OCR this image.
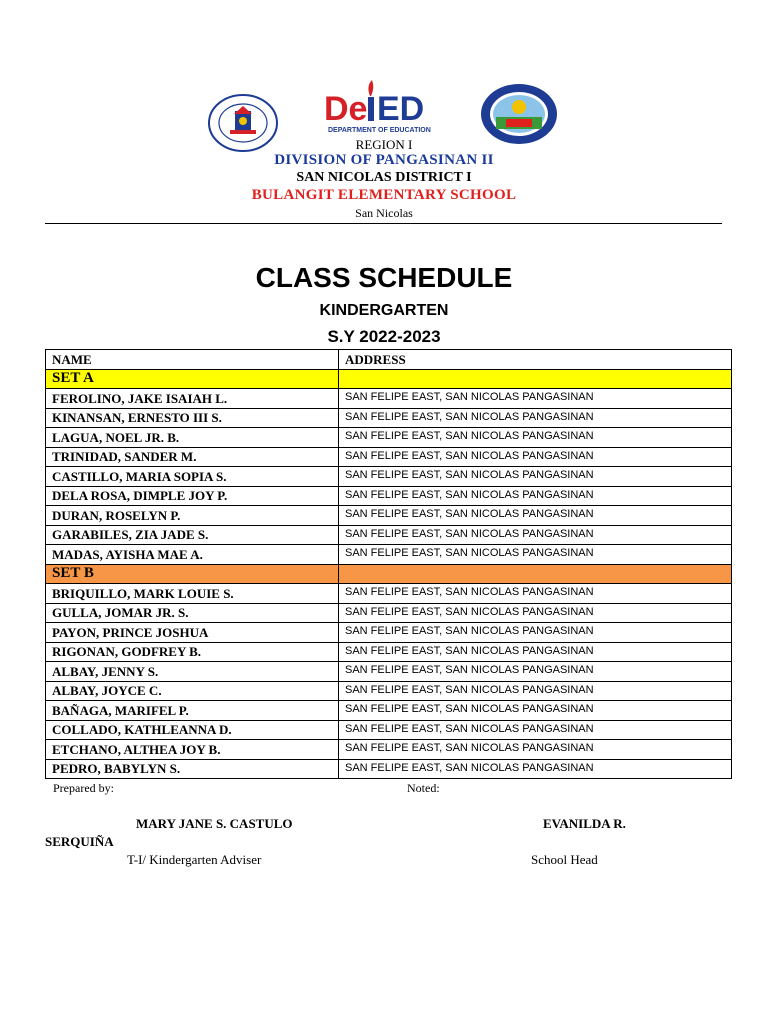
De ED
DEPARTMENT OF EDUCATION
REGION I
DIVISION OF PANGASINAN II
SAN NICOLAS DISTRICT I
BULANGIT ELEMENTARY SCHOOL
San Nicolas
CLASS SCHEDULE
KINDERGARTEN
S.Y 2022-2023
NAME	ADDRESS
SET A	
FEROLINO, JAKE ISAIAH L.	SAN FELIPE EAST, SAN NICOLAS PANGASINAN
KINANSAN, ERNESTO III S.	SAN FELIPE EAST, SAN NICOLAS PANGASINAN
LAGUA, NOEL JR. B.	SAN FELIPE EAST, SAN NICOLAS PANGASINAN
TRINIDAD, SANDER M.	SAN FELIPE EAST, SAN NICOLAS PANGASINAN
CASTILLO, MARIA SOPIA S.	SAN FELIPE EAST, SAN NICOLAS PANGASINAN
DELA ROSA, DIMPLE JOY P.	SAN FELIPE EAST, SAN NICOLAS PANGASINAN
DURAN, ROSELYN P.	SAN FELIPE EAST, SAN NICOLAS PANGASINAN
GARABILES, ZIA JADE S.	SAN FELIPE EAST, SAN NICOLAS PANGASINAN
MADAS, AYISHA MAE A.	SAN FELIPE EAST, SAN NICOLAS PANGASINAN
SET B	
BRIQUILLO, MARK LOUIE S.	SAN FELIPE EAST, SAN NICOLAS PANGASINAN
GULLA, JOMAR JR. S.	SAN FELIPE EAST, SAN NICOLAS PANGASINAN
PAYON, PRINCE JOSHUA	SAN FELIPE EAST, SAN NICOLAS PANGASINAN
RIGONAN, GODFREY B.	SAN FELIPE EAST, SAN NICOLAS PANGASINAN
ALBAY, JENNY S.	SAN FELIPE EAST, SAN NICOLAS PANGASINAN
ALBAY, JOYCE C.	SAN FELIPE EAST, SAN NICOLAS PANGASINAN
BAÑAGA, MARIFEL P.	SAN FELIPE EAST, SAN NICOLAS PANGASINAN
COLLADO, KATHLEANNA D.	SAN FELIPE EAST, SAN NICOLAS PANGASINAN
ETCHANO, ALTHEA JOY B.	SAN FELIPE EAST, SAN NICOLAS PANGASINAN
PEDRO, BABYLYN S.	SAN FELIPE EAST, SAN NICOLAS PANGASINAN
Prepared by:	Noted:
MARY JANE S. CASTULO	EVANILDA R.
SERQUIÑA
T-I/ Kindergarten Adviser	School Head
